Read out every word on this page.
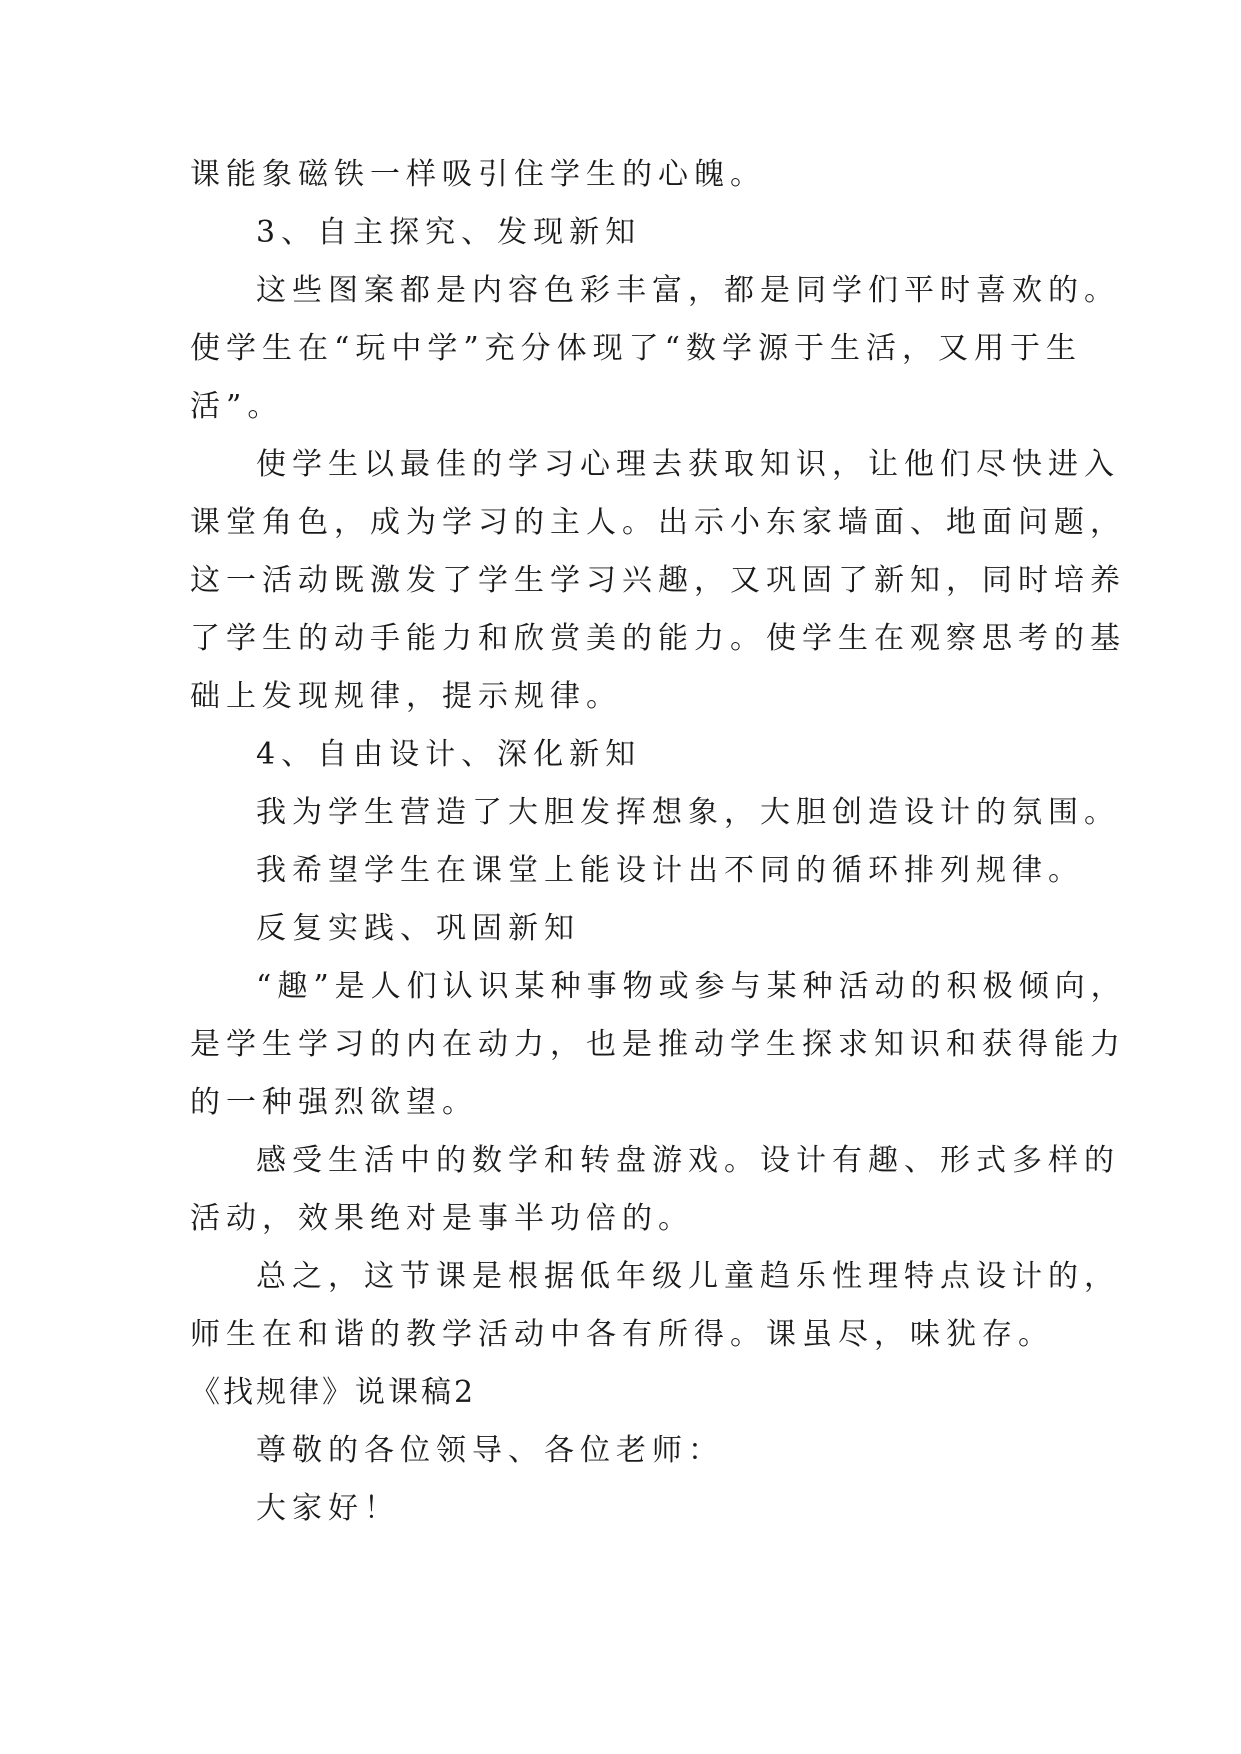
课能象磁铁一样吸引住学生的心魄。
3、自主探究、发现新知
这些图案都是内容色彩丰富，都是同学们平时喜欢的。
使学生在“玩中学”充分体现了“数学源于生活，又用于生
活”。
使学生以最佳的学习心理去获取知识，让他们尽快进入
课堂角色，成为学习的主人。出示小东家墙面、地面问题，
这一活动既激发了学生学习兴趣，又巩固了新知，同时培养
了学生的动手能力和欣赏美的能力。使学生在观察思考的基
础上发现规律，提示规律。
4、自由设计、深化新知
我为学生营造了大胆发挥想象，大胆创造设计的氛围。
我希望学生在课堂上能设计出不同的循环排列规律。
反复实践、巩固新知
“趣”是人们认识某种事物或参与某种活动的积极倾向，
是学生学习的内在动力，也是推动学生探求知识和获得能力
的一种强烈欲望。
感受生活中的数学和转盘游戏。设计有趣、形式多样的
活动，效果绝对是事半功倍的。
总之，这节课是根据低年级儿童趋乐性理特点设计的，
师生在和谐的教学活动中各有所得。课虽尽，味犹存。
《找规律》说课稿2
尊敬的各位领导、各位老师：
大家好！
